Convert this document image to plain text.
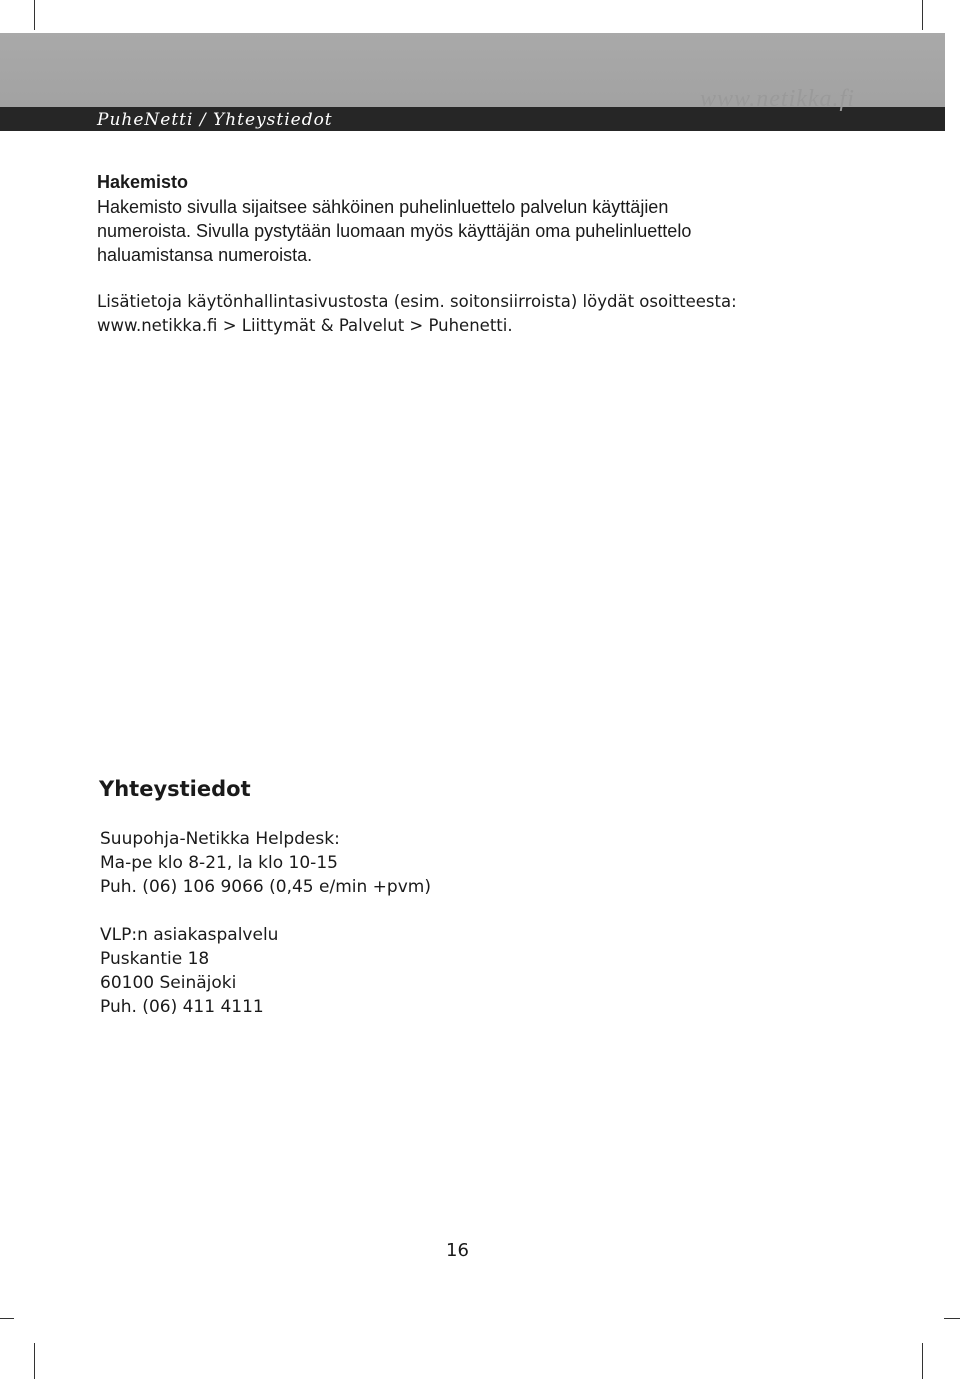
www.netikka.fi
PuheNetti / Yhteystiedot
Hakemisto
Hakemisto sivulla sijaitsee sähköinen puhelinluettelo palvelun käyttäjien
numeroista. Sivulla pystytään luomaan myös käyttäjän oma puhelinluettelo
haluamistansa numeroista.
Lisätietoja käytönhallintasivustosta (esim. soitonsiirroista) löydät osoitteesta:
www.netikka.fi > Liittymät & Palvelut > Puhenetti.
Yhteystiedot
Suupohja-Netikka Helpdesk:
Ma-pe klo 8-21, la klo 10-15
Puh. (06) 106 9066 (0,45 e/min +pvm)
VLP:n asiakaspalvelu
Puskantie 18
60100 Seinäjoki
Puh. (06) 411 4111
16
